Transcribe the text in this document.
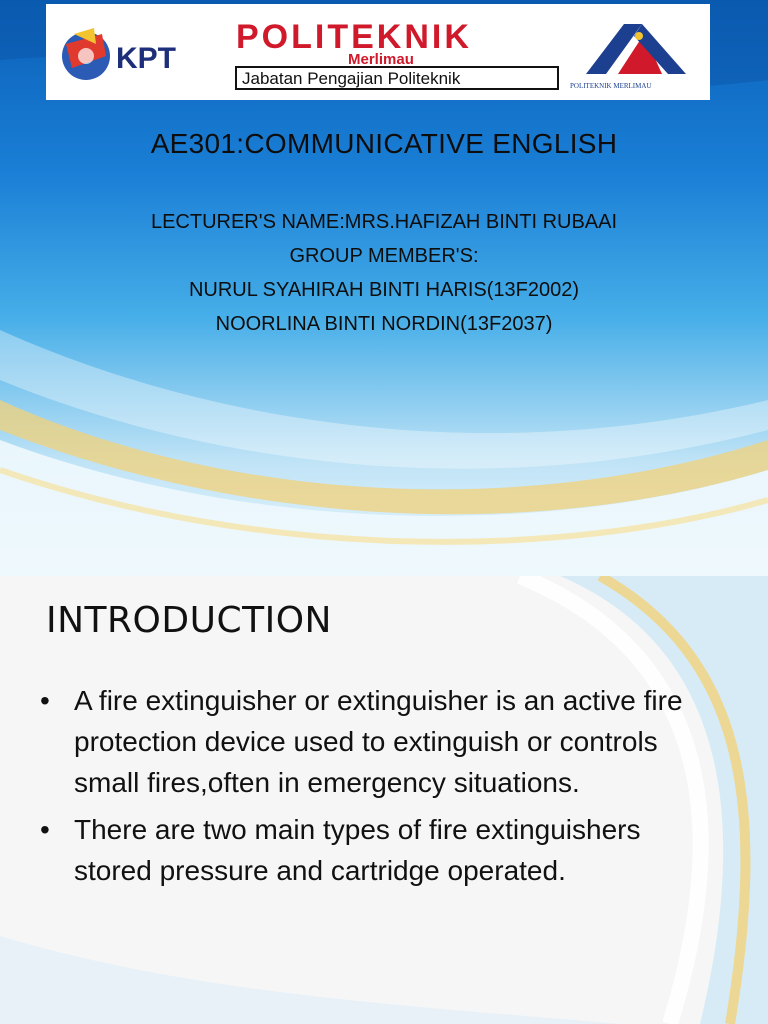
KPT
POLITEKNIK
Merlimau
Jabatan Pengajian Politeknik	POLITEKNIK MERLIMAU
AE301:COMMUNICATIVE ENGLISH
LECTURER'S NAME:MRS.HAFIZAH BINTI RUBAAI
GROUP MEMBER'S:
NURUL SYAHIRAH BINTI HARIS(13F2002)
NOORLINA BINTI NORDIN(13F2037)
INTRODUCTION
• A fire extinguisher or extinguisher is an active fire protection device used to extinguish or controls small fires,often in emergency situations.
• There are two main types of fire extinguishers stored pressure and cartridge operated.
